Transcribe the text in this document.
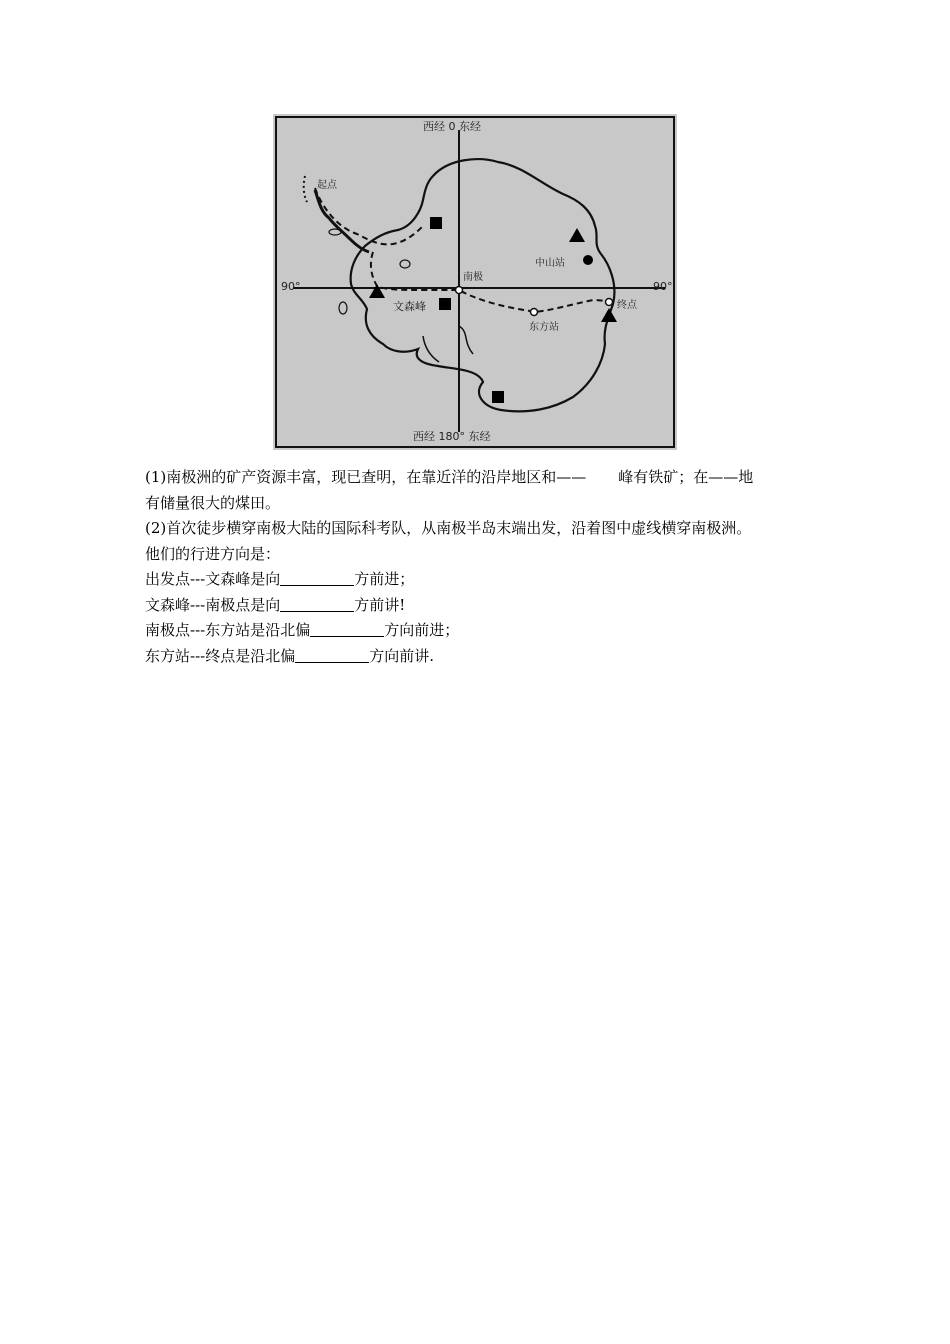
西经 0 东经
西经 180° 东经
90°	90°
起点
南极
文森峰
东方站
终点
中山站
(1)南极洲的矿产资源丰富，现已查明，在靠近洋的沿岸地区和—— 峰有铁矿；在——地
有储量很大的煤田。
(2)首次徒步横穿南极大陆的国际科考队，从南极半岛末端出发，沿着图中虚线横穿南极洲。
他们的行进方向是：
出发点---文森峰是向	方前进；
文森峰---南极点是向	方前讲!
南极点---东方站是沿北偏	方向前进；
东方站---终点是沿北偏	方向前讲.
